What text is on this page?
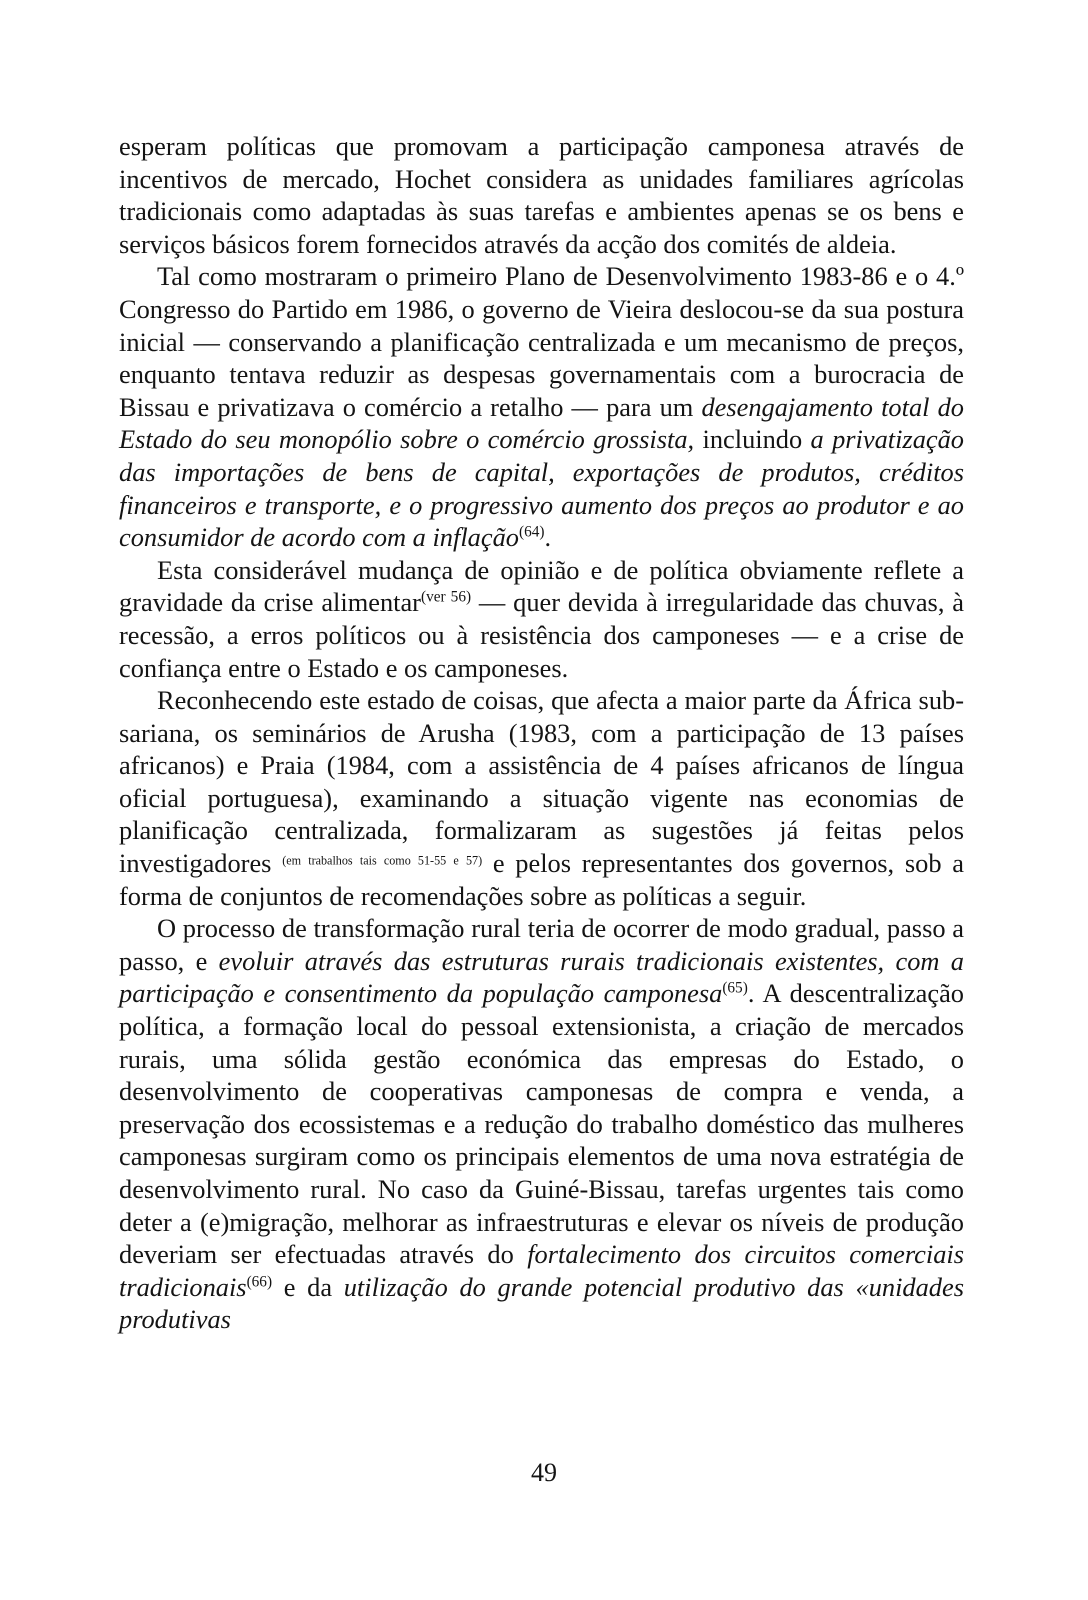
esperam políticas que promovam a participação camponesa através de incentivos de mercado, Hochet considera as unidades familiares agrícolas tradicionais como adaptadas às suas tarefas e ambientes apenas se os bens e serviços básicos forem fornecidos através da acção dos comités de aldeia.

Tal como mostraram o primeiro Plano de Desenvolvimento 1983-86 e o 4.º Congresso do Partido em 1986, o governo de Vieira deslocou-se da sua postura inicial — conservando a planificação centralizada e um mecanismo de preços, enquanto tentava reduzir as despesas governamentais com a burocracia de Bissau e privatizava o comércio a retalho — para um desengajamento total do Estado do seu monopólio sobre o comércio grossista, incluindo a privatização das importações de bens de capital, exportações de produtos, créditos financeiros e transporte, e o progressivo aumento dos preços ao produtor e ao consumidor de acordo com a inflação$^{(64)}$.

Esta considerável mudança de opinião e de política obviamente reflete a gravidade da crise alimentar$^{(ver 56)}$ — quer devida à irregularidade das chuvas, à recessão, a erros políticos ou à resistência dos camponeses — e a crise de confiança entre o Estado e os camponeses.

Reconhecendo este estado de coisas, que afecta a maior parte da África sub-sariana, os seminários de Arusha (1983, com a participação de 13 países africanos) e Praia (1984, com a assistência de 4 países africanos de língua oficial portuguesa), examinando a situação vigente nas economias de planificação centralizada, formalizaram as sugestões já feitas pelos investigadores $^{(em trabalhos tais como 51-55 e 57)}$ e pelos representantes dos governos, sob a forma de conjuntos de recomendações sobre as políticas a seguir.

O processo de transformação rural teria de ocorrer de modo gradual, passo a passo, e evoluir através das estruturas rurais tradicionais existentes, com a participação e consentimento da população camponesa$^{(65)}$. A descentralização política, a formação local do pessoal extensionista, a criação de mercados rurais, uma sólida gestão económica das empresas do Estado, o desenvolvimento de cooperativas camponesas de compra e venda, a preservação dos ecossistemas e a redução do trabalho doméstico das mulheres camponesas surgiram como os principais elementos de uma nova estratégia de desenvolvimento rural. No caso da Guiné-Bissau, tarefas urgentes tais como deter a (e)migração, melhorar as infraestruturas e elevar os níveis de produção deveriam ser efectuadas através do fortalecimento dos circuitos comerciais tradicionais$^{(66)}$ e da utilização do grande potencial produtivo das «unidades produtivas

49
